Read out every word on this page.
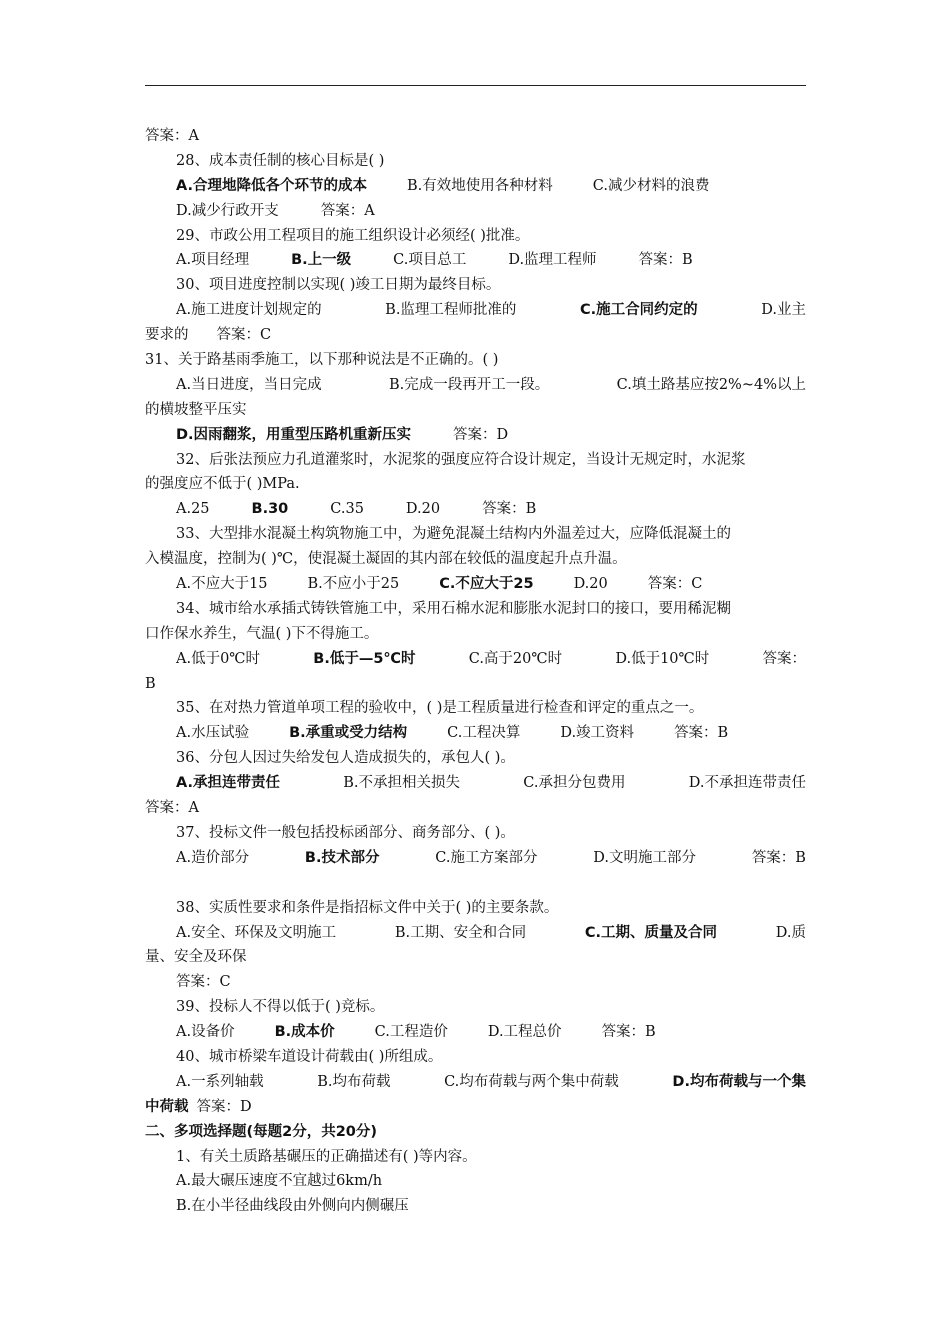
答案：A
28、成本责任制的核心目标是( )
A.合理地降低各个环节的成本	B.有效地使用各种材料	C.减少材料的浪费
D.减少行政开支	答案：A
29、市政公用工程项目的施工组织设计必须经( )批准。
A.项目经理	B.上一级	C.项目总工	D.监理工程师	答案：B
30、项目进度控制以实现( )竣工日期为最终目标。
A.施工进度计划规定的	B.监理工程师批准的	C.施工合同约定的	D.业主
要求的 答案：C
31、关于路基雨季施工，以下那种说法是不正确的。( )
A.当日进度，当日完成	B.完成一段再开工一段。	C.填土路基应按2%~4%以上
的横坡整平压实
D.因雨翻浆，用重型压路机重新压实	答案：D
32、后张法预应力孔道灌浆时，水泥浆的强度应符合设计规定，当设计无规定时，水泥浆
的强度应不低于( )MPa.
A.25	B.30	C.35	D.20	答案：B
33、大型排水混凝土构筑物施工中，为避免混凝土结构内外温差过大，应降低混凝土的
入模温度，控制为( )℃，使混凝土凝固的其内部在较低的温度起升点升温。
A.不应大于15	B.不应小于25	C.不应大于25	D.20	答案：C
34、城市给水承插式铸铁管施工中，采用石棉水泥和膨胀水泥封口的接口，要用稀泥糊
口作保水养生，气温( )下不得施工。
A.低于0℃时	B.低于—5℃时	C.高于20℃时	D.低于10℃时	答案：
B
35、在对热力管道单项工程的验收中，( )是工程质量进行检查和评定的重点之一。
A.水压试验	B.承重或受力结构	C.工程决算	D.竣工资料	答案：B
36、分包人因过失给发包人造成损失的，承包人( )。
A.承担连带责任	B.不承担相关损失	C.承担分包费用	D.不承担连带责任
答案：A
37、投标文件一般包括投标函部分、商务部分、( )。
A.造价部分	B.技术部分	C.施工方案部分	D.文明施工部分	答案：B
38、实质性要求和条件是指招标文件中关于( )的主要条款。
A.安全、环保及文明施工	B.工期、安全和合同	C.工期、质量及合同	D.质
量、安全及环保
答案：C
39、投标人不得以低于( )竞标。
A.设备价	B.成本价	C.工程造价	D.工程总价	答案：B
40、城市桥梁车道设计荷载由( )所组成。
A.一系列轴载	B.均布荷载	C.均布荷载与两个集中荷载	D.均布荷载与一个集
中荷载 答案：D
二、多项选择题(每题2分，共20分)
1、有关土质路基碾压的正确描述有( )等内容。
A.最大碾压速度不宜越过6km/h
B.在小半径曲线段由外侧向内侧碾压
